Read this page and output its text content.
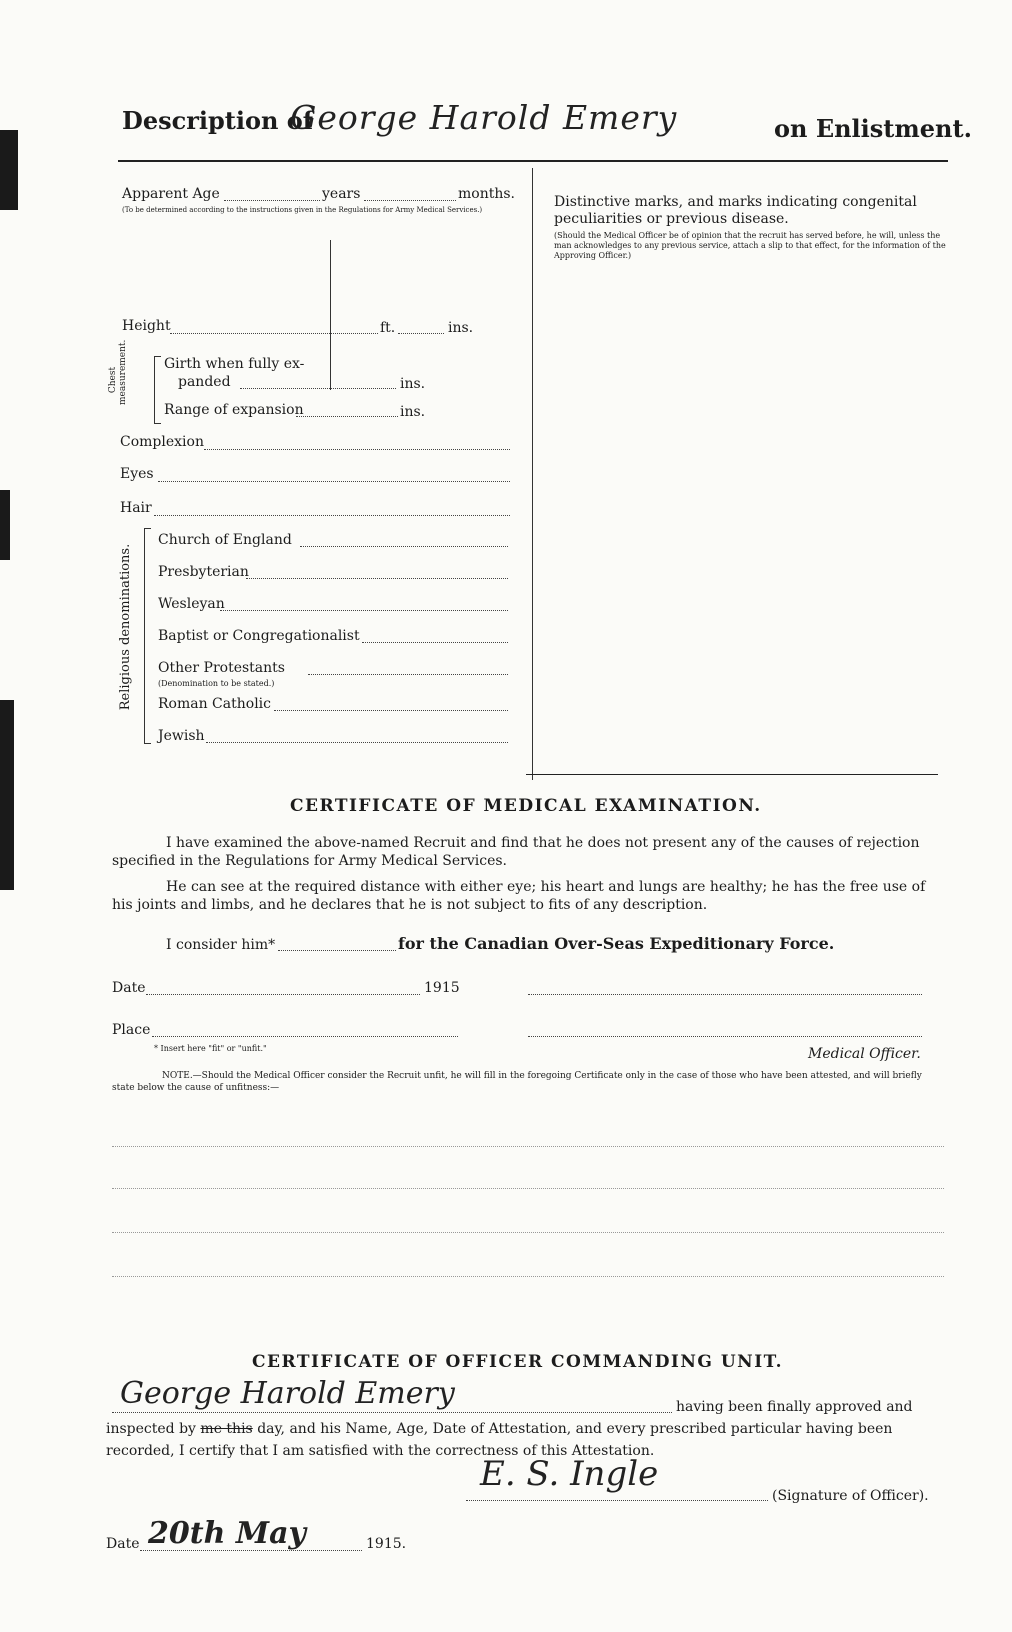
Description of
George Harold Emery	on Enlistment.
Apparent Age	years	months.
(To be determined according to the instructions given in the Regulations for Army Medical Services.)
Height	ft.	ins.
Chest measurement.	Girth when fully ex-
panded	ins.
Range of expansion	ins.
Complexion
Eyes
Hair
Religious denominations.
Church of England
Presbyterian
Wesleyan
Baptist or Congregationalist
Other Protestants
(Denomination to be stated.)
Roman Catholic
Jewish
Distinctive marks, and marks indicating congenital
peculiarities or previous disease.
(Should the Medical Officer be of opinion that the recruit has served before, he will, unless the man acknowledges to any previous service, attach a slip to that effect, for the information of the Approving Officer.)
CERTIFICATE OF MEDICAL EXAMINATION.
I have examined the above-named Recruit and find that he does not present any of the causes of rejection specified in the Regulations for Army Medical Services.
He can see at the required distance with either eye; his heart and lungs are healthy; he has the free use of his joints and limbs, and he declares that he is not subject to fits of any description.
I consider him*	for the Canadian Over-Seas Expeditionary Force.
Date	1915
Place
* Insert here "fit" or "unfit."	Medical Officer.
NOTE.—Should the Medical Officer consider the Recruit unfit, he will fill in the foregoing Certificate only in the case of those who have been attested, and will briefly state below the cause of unfitness:—
CERTIFICATE OF OFFICER COMMANDING UNIT.
George Harold Emery	having been finally approved and
inspected by me this day, and his Name, Age, Date of Attestation, and every prescribed particular having been
recorded, I certify that I am satisfied with the correctness of this Attestation.
E. S. Ingle
(Signature of Officer).
Date 20th May	1915.
